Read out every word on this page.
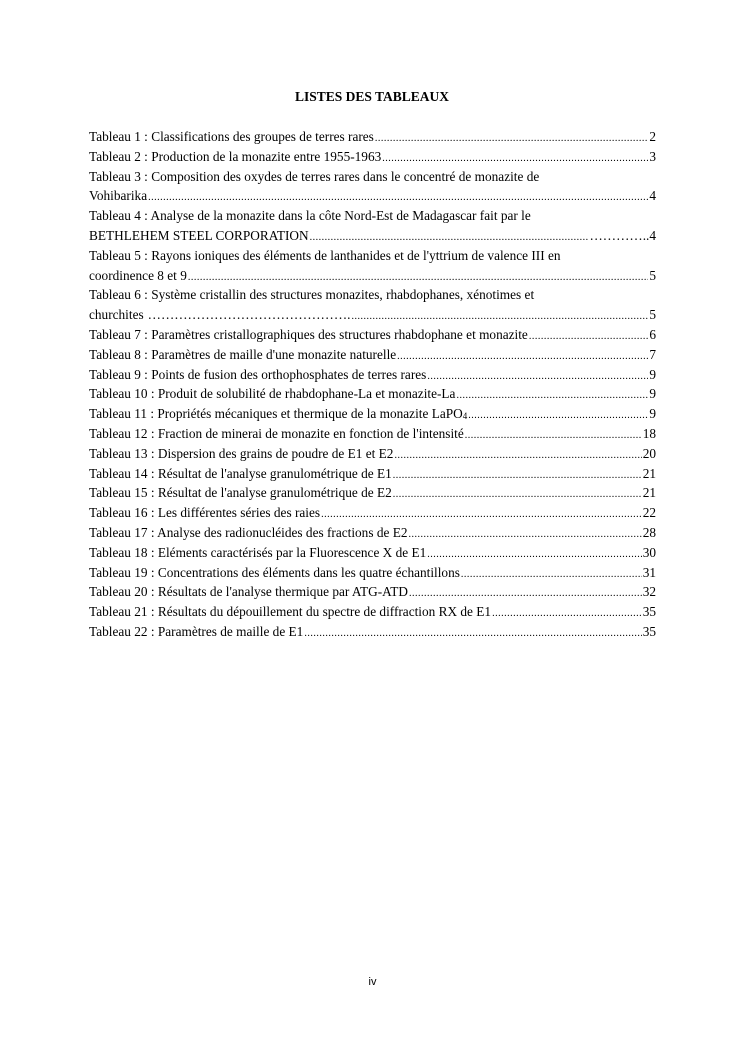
LISTES DES TABLEAUX
Tableau 1 : Classifications des groupes de terres rares .....	2
Tableau 2 : Production de la monazite entre 1955-1963 .....	3
Tableau 3 : Composition des oxydes de terres rares dans le concentré de monazite de
Vohibarika .....	4
Tableau 4 : Analyse de la monazite dans la côte Nord-Est de Madagascar fait par le
BETHLEHEM STEEL CORPORATION .....	………….. 4
Tableau 5 : Rayons ioniques des éléments de lanthanides et de l'yttrium de valence III en
coordinence 8 et 9 .....	5
Tableau 6 : Système cristallin des structures monazites, rhabdophanes, xénotimes et
churchites ………………………………………. .....	5
Tableau 7 : Paramètres cristallographiques des structures rhabdophane et monazite .....	6
Tableau 8 : Paramètres de maille d'une monazite naturelle .....	7
Tableau 9 : Points de fusion des orthophosphates de terres rares .....	9
Tableau 10 : Produit de solubilité de rhabdophane-La et monazite-La .....	9
Tableau 11 : Propriétés mécaniques et thermique de la monazite LaPO$_4$ .....	9
Tableau 12 : Fraction de minerai de monazite en fonction de l'intensité .....	18
Tableau 13 : Dispersion des grains de poudre de E1 et E2 .....	20
Tableau 14 : Résultat de l'analyse granulométrique de E1 .....	21
Tableau 15 : Résultat de l'analyse granulométrique de E2 .....	21
Tableau 16 : Les différentes séries des raies .....	22
Tableau 17 : Analyse des radionucléides des fractions de E2 .....	28
Tableau 18 : Eléments caractérisés par la Fluorescence X de E1 .....	30
Tableau 19 : Concentrations des éléments dans les quatre échantillons .....	31
Tableau 20 : Résultats de l'analyse thermique par ATG-ATD .....	32
Tableau 21 : Résultats du dépouillement du spectre de diffraction RX de E1 .....	35
Tableau 22 : Paramètres de maille de E1 .....	35
iv
